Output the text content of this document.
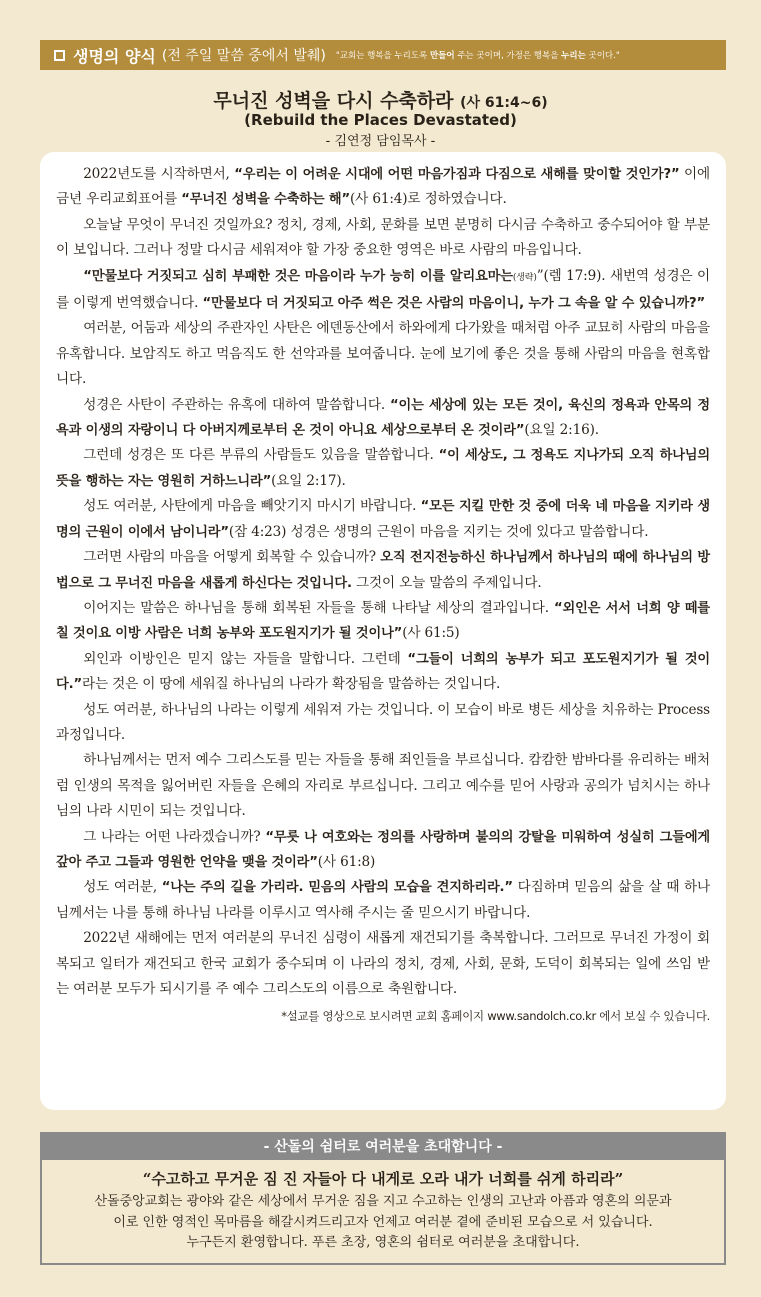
생명의 양식 (전 주일 말씀 중에서 발췌) "교회는 행복을 누리도록 만들어 주는 곳이며, 가정은 행복을 누리는 곳이다."
무너진 성벽을 다시 수축하라 (사 61:4~6)
(Rebuild the Places Devastated)
- 김연정 담임목사 -

2022년도를 시작하면서, “우리는 이 어려운 시대에 어떤 마음가짐과 다짐으로 새해를 맞이할 것인가?” 이에 금년 우리교회표어를 “무너진 성벽을 수축하는 해”(사 61:4)로 정하였습니다.

오늘날 무엇이 무너진 것일까요? 정치, 경제, 사회, 문화를 보면 분명히 다시금 수축하고 중수되어야 할 부분이 보입니다. 그러나 정말 다시금 세워져야 할 가장 중요한 영역은 바로 사람의 마음입니다.

“만물보다 거짓되고 심히 부패한 것은 마음이라 누가 능히 이를 알리요마는(생략)”(렘 17:9). 새번역 성경은 이를 이렇게 번역했습니다. “만물보다 더 거짓되고 아주 썩은 것은 사람의 마음이니, 누가 그 속을 알 수 있습니까?”

여러분, 어둠과 세상의 주관자인 사탄은 에덴동산에서 하와에게 다가왔을 때처럼 아주 교묘히 사람의 마음을 유혹합니다. 보암직도 하고 먹음직도 한 선악과를 보여줍니다. 눈에 보기에 좋은 것을 통해 사람의 마음을 현혹합니다.

성경은 사탄이 주관하는 유혹에 대하여 말씀합니다. “이는 세상에 있는 모든 것이, 육신의 정욕과 안목의 정욕과 이생의 자랑이니 다 아버지께로부터 온 것이 아니요 세상으로부터 온 것이라”(요일 2:16).

그런데 성경은 또 다른 부류의 사람들도 있음을 말씀합니다. “이 세상도, 그 정욕도 지나가되 오직 하나님의 뜻을 행하는 자는 영원히 거하느니라”(요일 2:17).

성도 여러분, 사탄에게 마음을 빼앗기지 마시기 바랍니다. “모든 지킬 만한 것 중에 더욱 네 마음을 지키라 생명의 근원이 이에서 남이니라”(잠 4:23) 성경은 생명의 근원이 마음을 지키는 것에 있다고 말씀합니다.

그러면 사람의 마음을 어떻게 회복할 수 있습니까? 오직 전지전능하신 하나님께서 하나님의 때에 하나님의 방법으로 그 무너진 마음을 새롭게 하신다는 것입니다. 그것이 오늘 말씀의 주제입니다.

이어지는 말씀은 하나님을 통해 회복된 자들을 통해 나타날 세상의 결과입니다. “외인은 서서 너희 양 떼를 칠 것이요 이방 사람은 너희 농부와 포도원지기가 될 것이나”(사 61:5)

외인과 이방인은 믿지 않는 자들을 말합니다. 그런데 “그들이 너희의 농부가 되고 포도원지기가 될 것이다.”라는 것은 이 땅에 세워질 하나님의 나라가 확장됨을 말씀하는 것입니다.

성도 여러분, 하나님의 나라는 이렇게 세워져 가는 것입니다. 이 모습이 바로 병든 세상을 치유하는 Process 과정입니다.

하나님께서는 먼저 예수 그리스도를 믿는 자들을 통해 죄인들을 부르십니다. 캄캄한 밤바다를 유리하는 배처럼 인생의 목적을 잃어버린 자들을 은혜의 자리로 부르십니다. 그리고 예수를 믿어 사랑과 공의가 넘치시는 하나님의 나라 시민이 되는 것입니다.

그 나라는 어떤 나라겠습니까? “무릇 나 여호와는 정의를 사랑하며 불의의 강탈을 미워하여 성실히 그들에게 갚아 주고 그들과 영원한 언약을 맺을 것이라”(사 61:8)

성도 여러분, “나는 주의 길을 가리라. 믿음의 사람의 모습을 견지하리라.” 다짐하며 믿음의 삶을 살 때 하나님께서는 나를 통해 하나님 나라를 이루시고 역사해 주시는 줄 믿으시기 바랍니다.

2022년 새해에는 먼저 여러분의 무너진 심령이 새롭게 재건되기를 축복합니다. 그러므로 무너진 가정이 회복되고 일터가 재건되고 한국 교회가 중수되며 이 나라의 정치, 경제, 사회, 문화, 도덕이 회복되는 일에 쓰임 받는 여러분 모두가 되시기를 주 예수 그리스도의 이름으로 축원합니다.

*설교를 영상으로 보시려면 교회 홈페이지 www.sandolch.co.kr 에서 보실 수 있습니다.

- 산돌의 쉼터로 여러분을 초대합니다 -
“수고하고 무거운 짐 진 자들아 다 내게로 오라 내가 너희를 쉬게 하리라”
산돌중앙교회는 광야와 같은 세상에서 무거운 짐을 지고 수고하는 인생의 고난과 아픔과 영혼의 의문과
이로 인한 영적인 목마름을 해갈시켜드리고자 언제고 여러분 곁에 준비된 모습으로 서 있습니다.
누구든지 환영합니다. 푸른 초장, 영혼의 쉼터로 여러분을 초대합니다.
